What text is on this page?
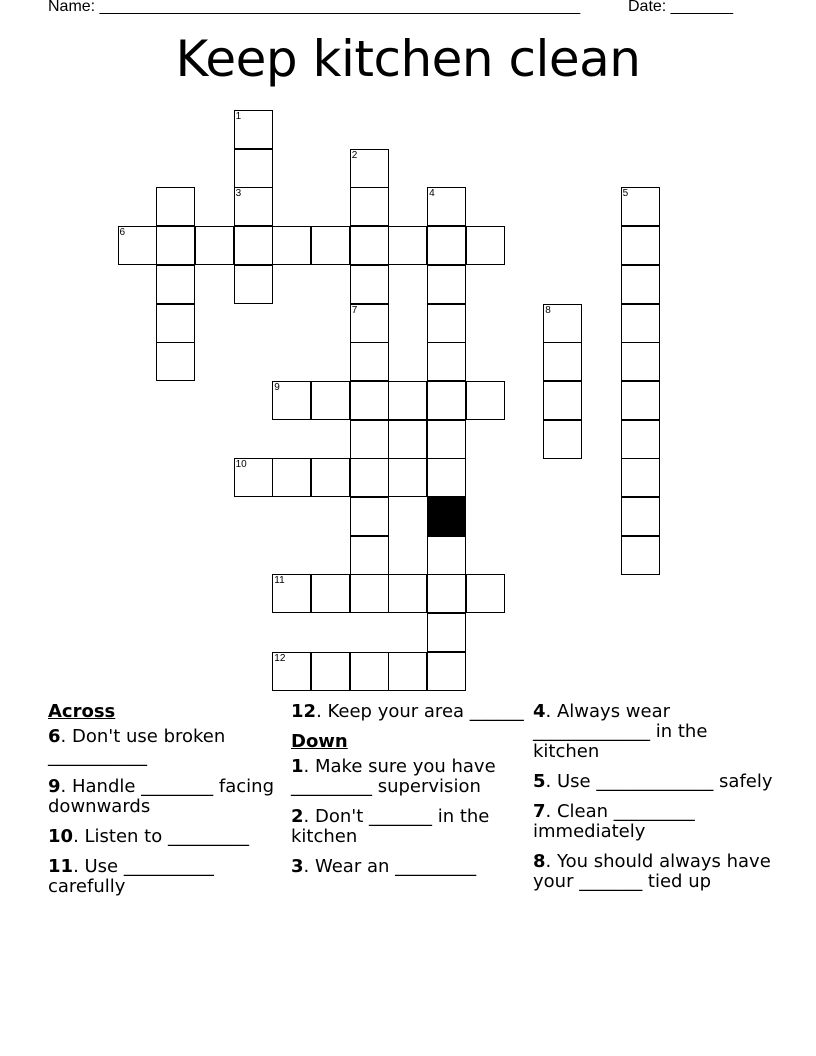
Name: ______________________________________________________	Date: _______
Keep kitchen clean
1
3
2
7
4	5
6
8
9
10
11
12
Across
6. Don't use broken ___________
9. Handle ________ facing downwards
10. Listen to _________
11. Use __________ carefully
12. Keep your area ______
Down
1. Make sure you have _________ supervision
2. Don't _______ in the kitchen
3. Wear an _________
4. Always wear _____________ in the kitchen
5. Use _____________ safely
7. Clean _________ immediately
8. You should always have your _______ tied up
